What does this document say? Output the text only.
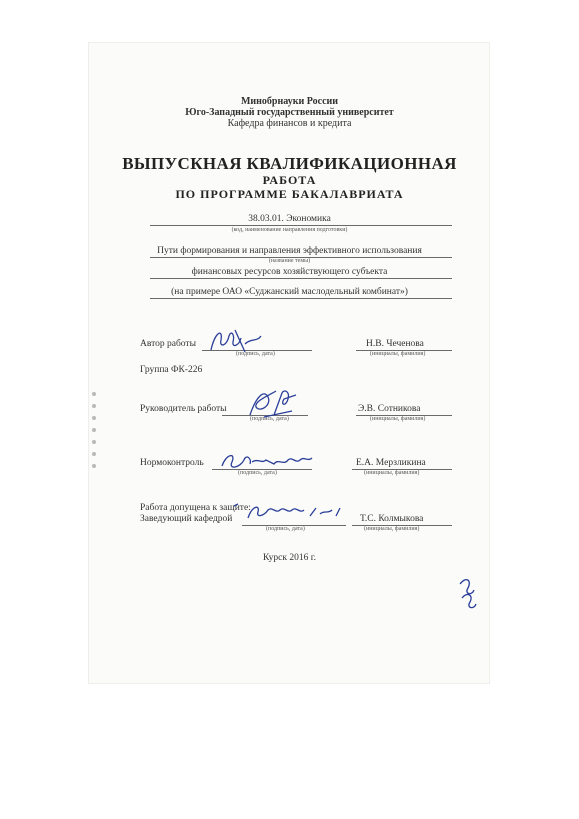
Минобрнауки России
Юго-Западный государственный университет
Кафедра финансов и кредита
ВЫПУСКНАЯ КВАЛИФИКАЦИОННАЯ
РАБОТА
ПО ПРОГРАММЕ БАКАЛАВРИАТА
38.03.01. Экономика
(код, наименование направления подготовки)
Пути формирования и направления эффективного использования
(название темы)
финансовых ресурсов хозяйствующего субъекта
(на примере ОАО «Суджанский маслодельный комбинат»)
Автор работы
(подпись, дата)
Н.В. Чеченова
(инициалы, фамилия)
Группа ФК-226
Руководитель работы
(подпись, дата)
Э.В. Сотникова
(инициалы, фамилия)
Нормоконтроль
(подпись, дата)
Е.А. Мерзликина
(инициалы, фамилия)
Работа допущена к защите:
Заведующий кафедрой
(подпись, дата)
Т.С. Колмыкова
(инициалы, фамилия)
Курск 2016 г.
